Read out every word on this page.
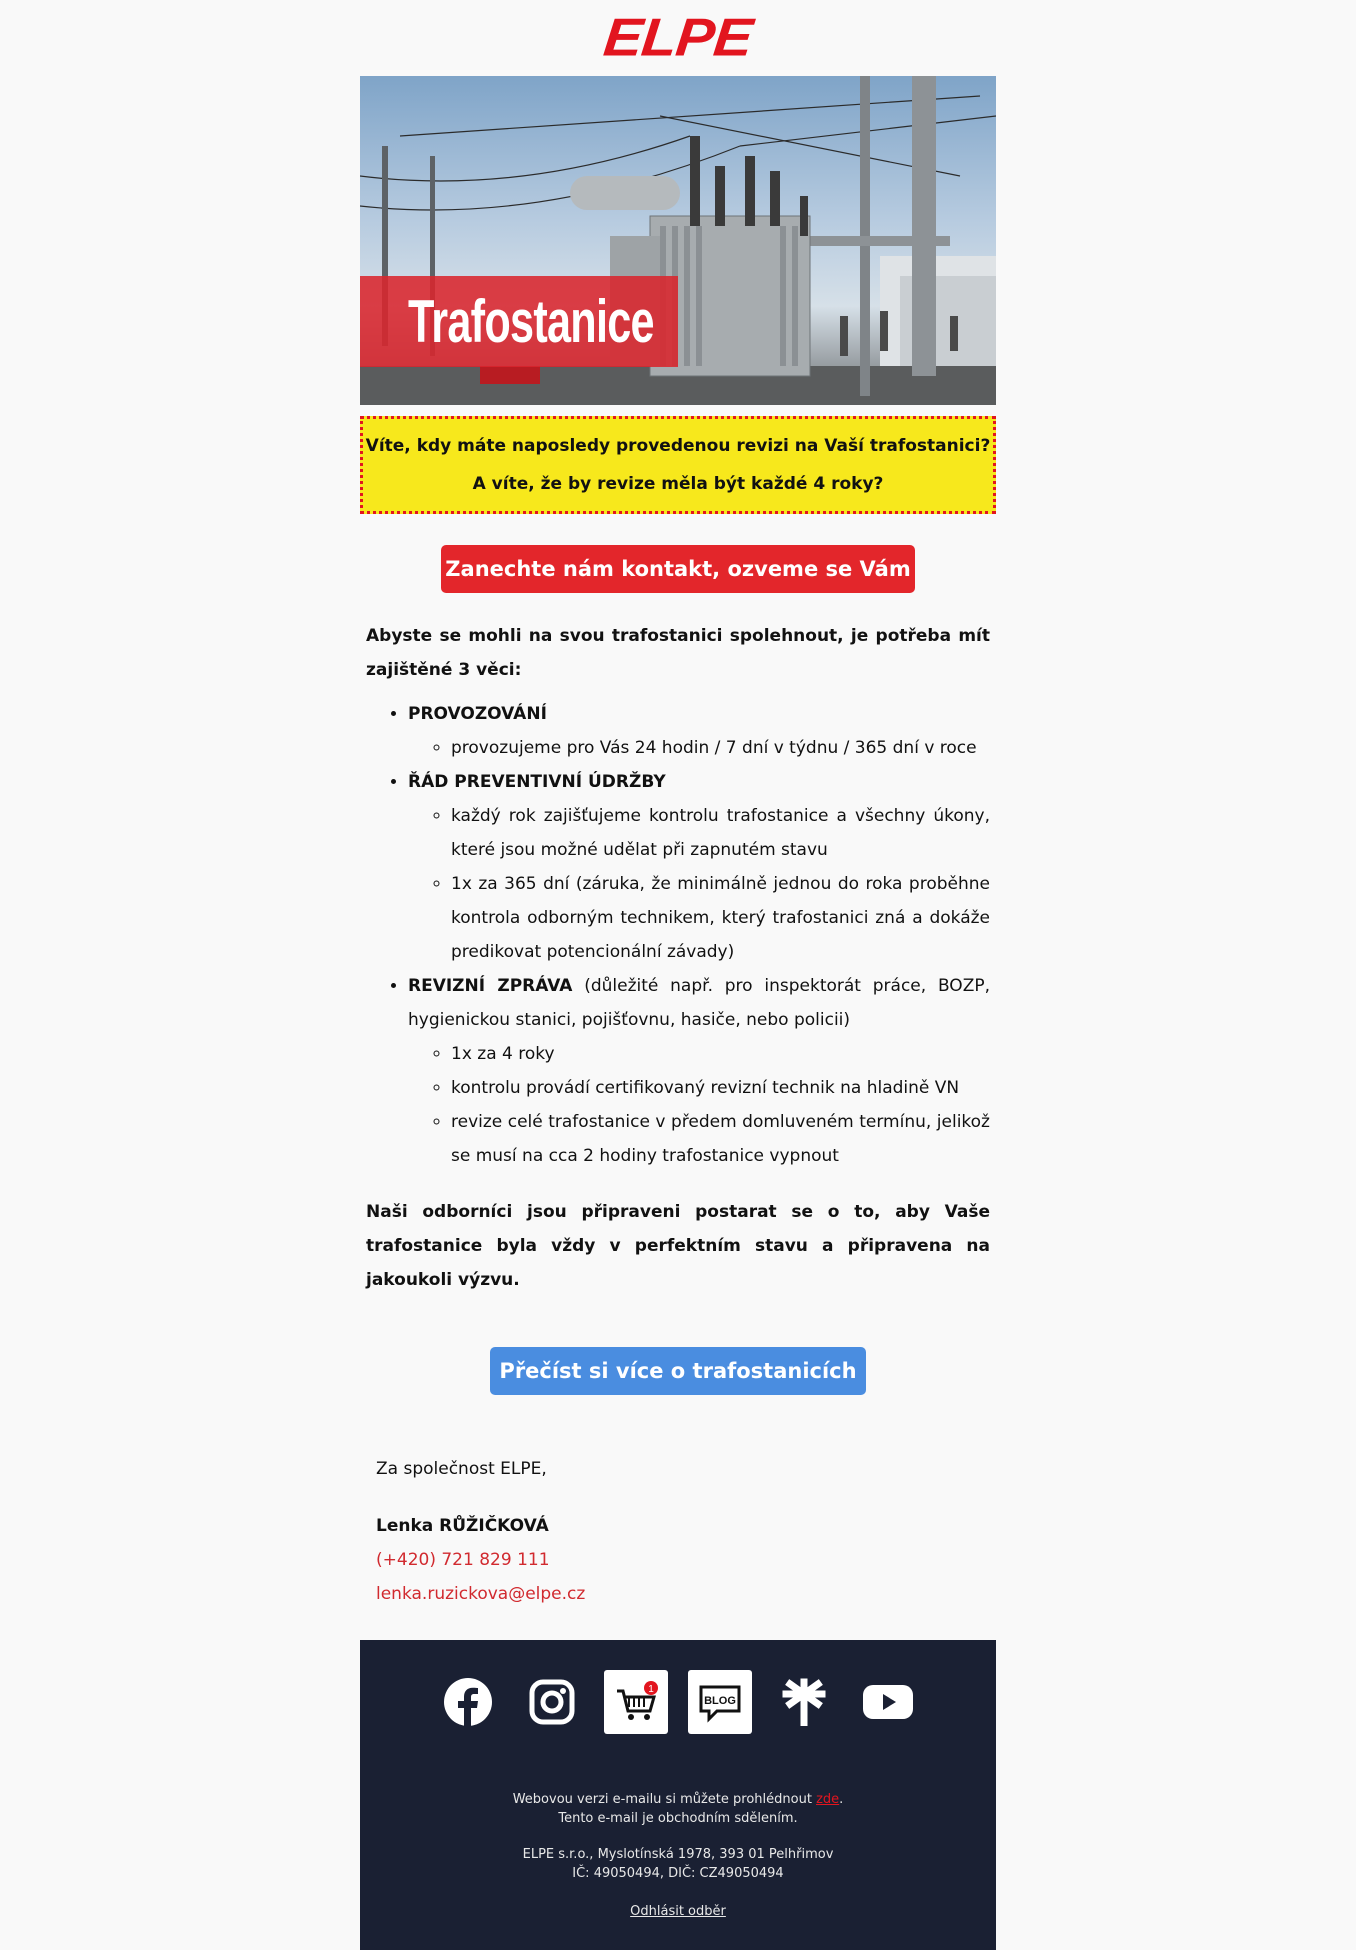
ELPE
Trafostanice
Víte, kdy máte naposledy provedenou revizi na Vaší trafostanici?
A víte, že by revize měla být každé 4 roky?
Zanechte nám kontakt, ozveme se Vám
Abyste se mohli na svou trafostanici spolehnout, je potřeba mít zajištěné 3 věci:
• PROVOZOVÁNÍ
◦ provozujeme pro Vás 24 hodin / 7 dní v týdnu / 365 dní v roce
• ŘÁD PREVENTIVNÍ ÚDRŽBY
◦ každý rok zajišťujeme kontrolu trafostanice a všechny úkony, které jsou možné udělat při zapnutém stavu
◦ 1x za 365 dní (záruka, že minimálně jednou do roka proběhne kontrola odborným technikem, který trafostanici zná a dokáže predikovat potencionální závady)
• REVIZNÍ ZPRÁVA (důležité např. pro inspektorát práce, BOZP, hygienickou stanici, pojišťovnu, hasiče, nebo policii)
◦ 1x za 4 roky
◦ kontrolu provádí certifikovaný revizní technik na hladině VN
◦ revize celé trafostanice v předem domluveném termínu, jelikož se musí na cca 2 hodiny trafostanice vypnout
Naši odborníci jsou připraveni postarat se o to, aby Vaše trafostanice byla vždy v perfektním stavu a připravena na jakoukoli výzvu.
Přečíst si více o trafostanicích
Za společnost ELPE,
Lenka RŮŽIČKOVÁ
(+420) 721 829 111
lenka.ruzickova@elpe.cz
1
BLOG
Webovou verzi e-mailu si můžete prohlédnout zde.
Tento e-mail je obchodním sdělením.
ELPE s.r.o., Myslotínská 1978, 393 01 Pelhřimov
IČ: 49050494, DIČ: CZ49050494
Odhlásit odběr
